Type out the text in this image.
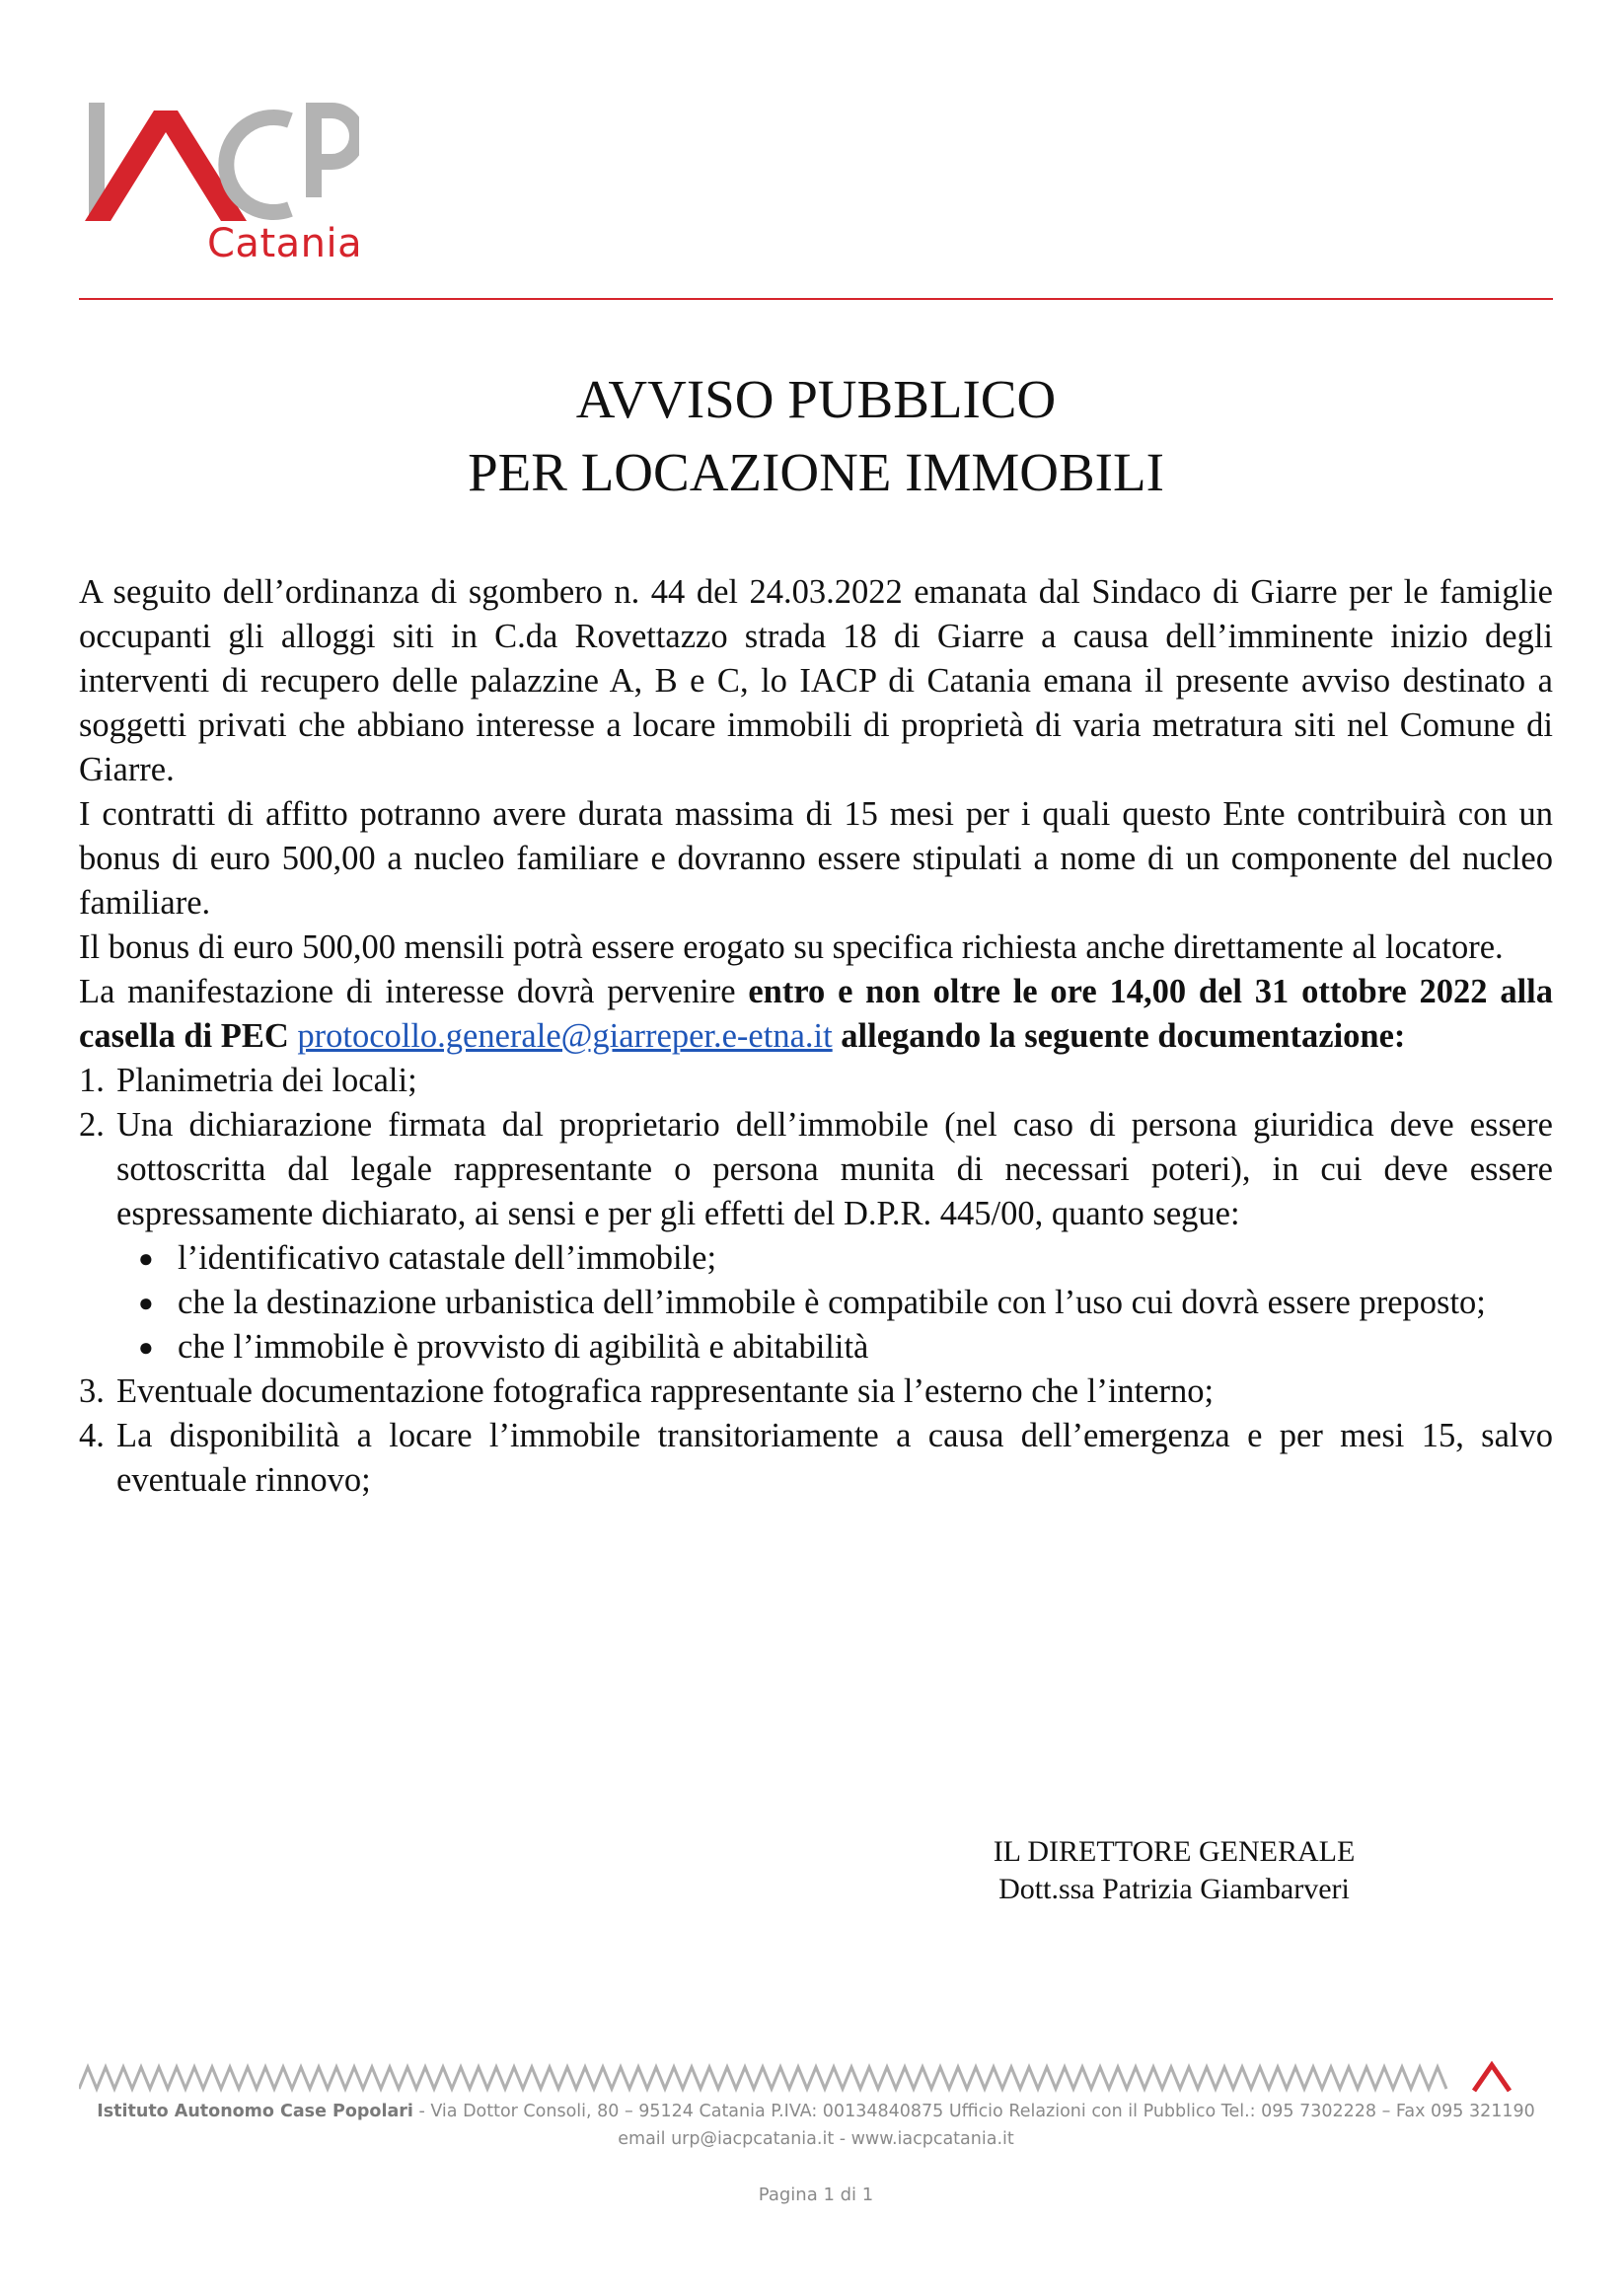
Catania
AVVISO PUBBLICO
PER LOCAZIONE IMMOBILI

A seguito dell’ordinanza di sgombero n. 44 del 24.03.2022 emanata dal Sindaco di Giarre per le famiglie occupanti gli alloggi siti in C.da Rovettazzo strada 18 di Giarre a causa dell’imminente inizio degli interventi di recupero delle palazzine A, B e C, lo IACP di Catania emana il presente avviso destinato a soggetti privati che abbiano interesse a locare immobili di proprietà di varia metratura siti nel Comune di Giarre.

I contratti di affitto potranno avere durata massima di 15 mesi per i quali questo Ente contribuirà con un bonus di euro 500,00 a nucleo familiare e dovranno essere stipulati a nome di un componente del nucleo familiare.

Il bonus di euro 500,00 mensili potrà essere erogato su specifica richiesta anche direttamente al locatore.

La manifestazione di interesse dovrà pervenire entro e non oltre le ore 14,00 del 31 ottobre 2022 alla casella di PEC protocollo.generale@giarreper.e-etna.it allegando la seguente documentazione:

1. Planimetria dei locali;
2. Una dichiarazione firmata dal proprietario dell’immobile (nel caso di persona giuridica deve essere sottoscritta dal legale rappresentante o persona munita di necessari poteri), in cui deve essere espressamente dichiarato, ai sensi e per gli effetti del D.P.R. 445/00, quanto segue:
● l’identificativo catastale dell’immobile;
● che la destinazione urbanistica dell’immobile è compatibile con l’uso cui dovrà essere preposto;
● che l’immobile è provvisto di agibilità e abitabilità
3. Eventuale documentazione fotografica rappresentante sia l’esterno che l’interno;
4. La disponibilità a locare l’immobile transitoriamente a causa dell’emergenza e per mesi 15, salvo eventuale rinnovo;
IL DIRETTORE GENERALE
Dott.ssa Patrizia Giambarveri
Istituto Autonomo Case Popolari - Via Dottor Consoli, 80 – 95124 Catania P.IVA: 00134840875 Ufficio Relazioni con il Pubblico Tel.: 095 7302228 – Fax 095 321190
email urp@iacpcatania.it - www.iacpcatania.it
Pagina 1 di 1
